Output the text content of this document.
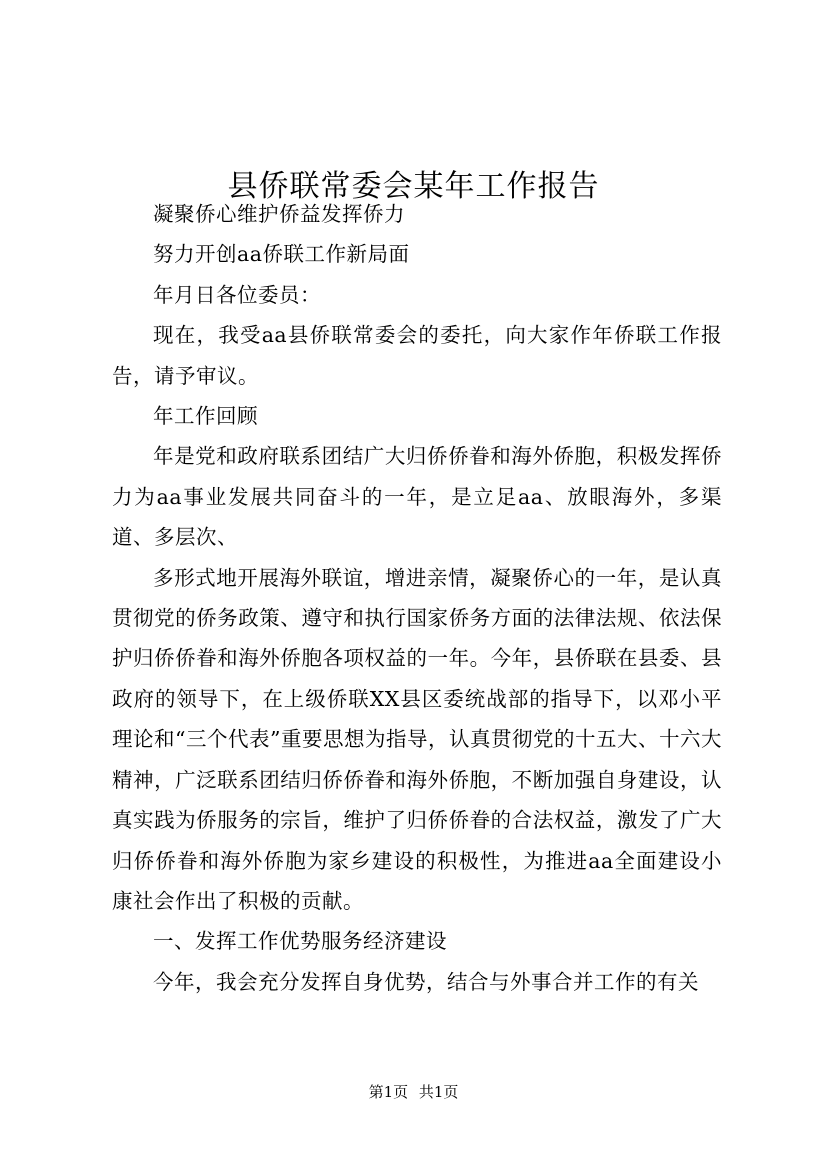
县侨联常委会某年工作报告

凝聚侨心维护侨益发挥侨力

努力开创aa侨联工作新局面

年月日各位委员：

现在，我受aa县侨联常委会的委托，向大家作年侨联工作报告，请予审议。

年工作回顾

年是党和政府联系团结广大归侨侨眷和海外侨胞，积极发挥侨力为aa事业发展共同奋斗的一年，是立足aa、放眼海外，多渠道、多层次、

多形式地开展海外联谊，增进亲情，凝聚侨心的一年，是认真贯彻党的侨务政策、遵守和执行国家侨务方面的法律法规、依法保护归侨侨眷和海外侨胞各项权益的一年。今年，县侨联在县委、县政府的领导下，在上级侨联XX县区委统战部的指导下，以邓小平理论和“三个代表”重要思想为指导，认真贯彻党的十五大、十六大精神，广泛联系团结归侨侨眷和海外侨胞，不断加强自身建设，认真实践为侨服务的宗旨，维护了归侨侨眷的合法权益，激发了广大归侨侨眷和海外侨胞为家乡建设的积极性，为推进aa全面建设小康社会作出了积极的贡献。

一、发挥工作优势服务经济建设

今年，我会充分发挥自身优势，结合与外事合并工作的有关

第1页 共1页
